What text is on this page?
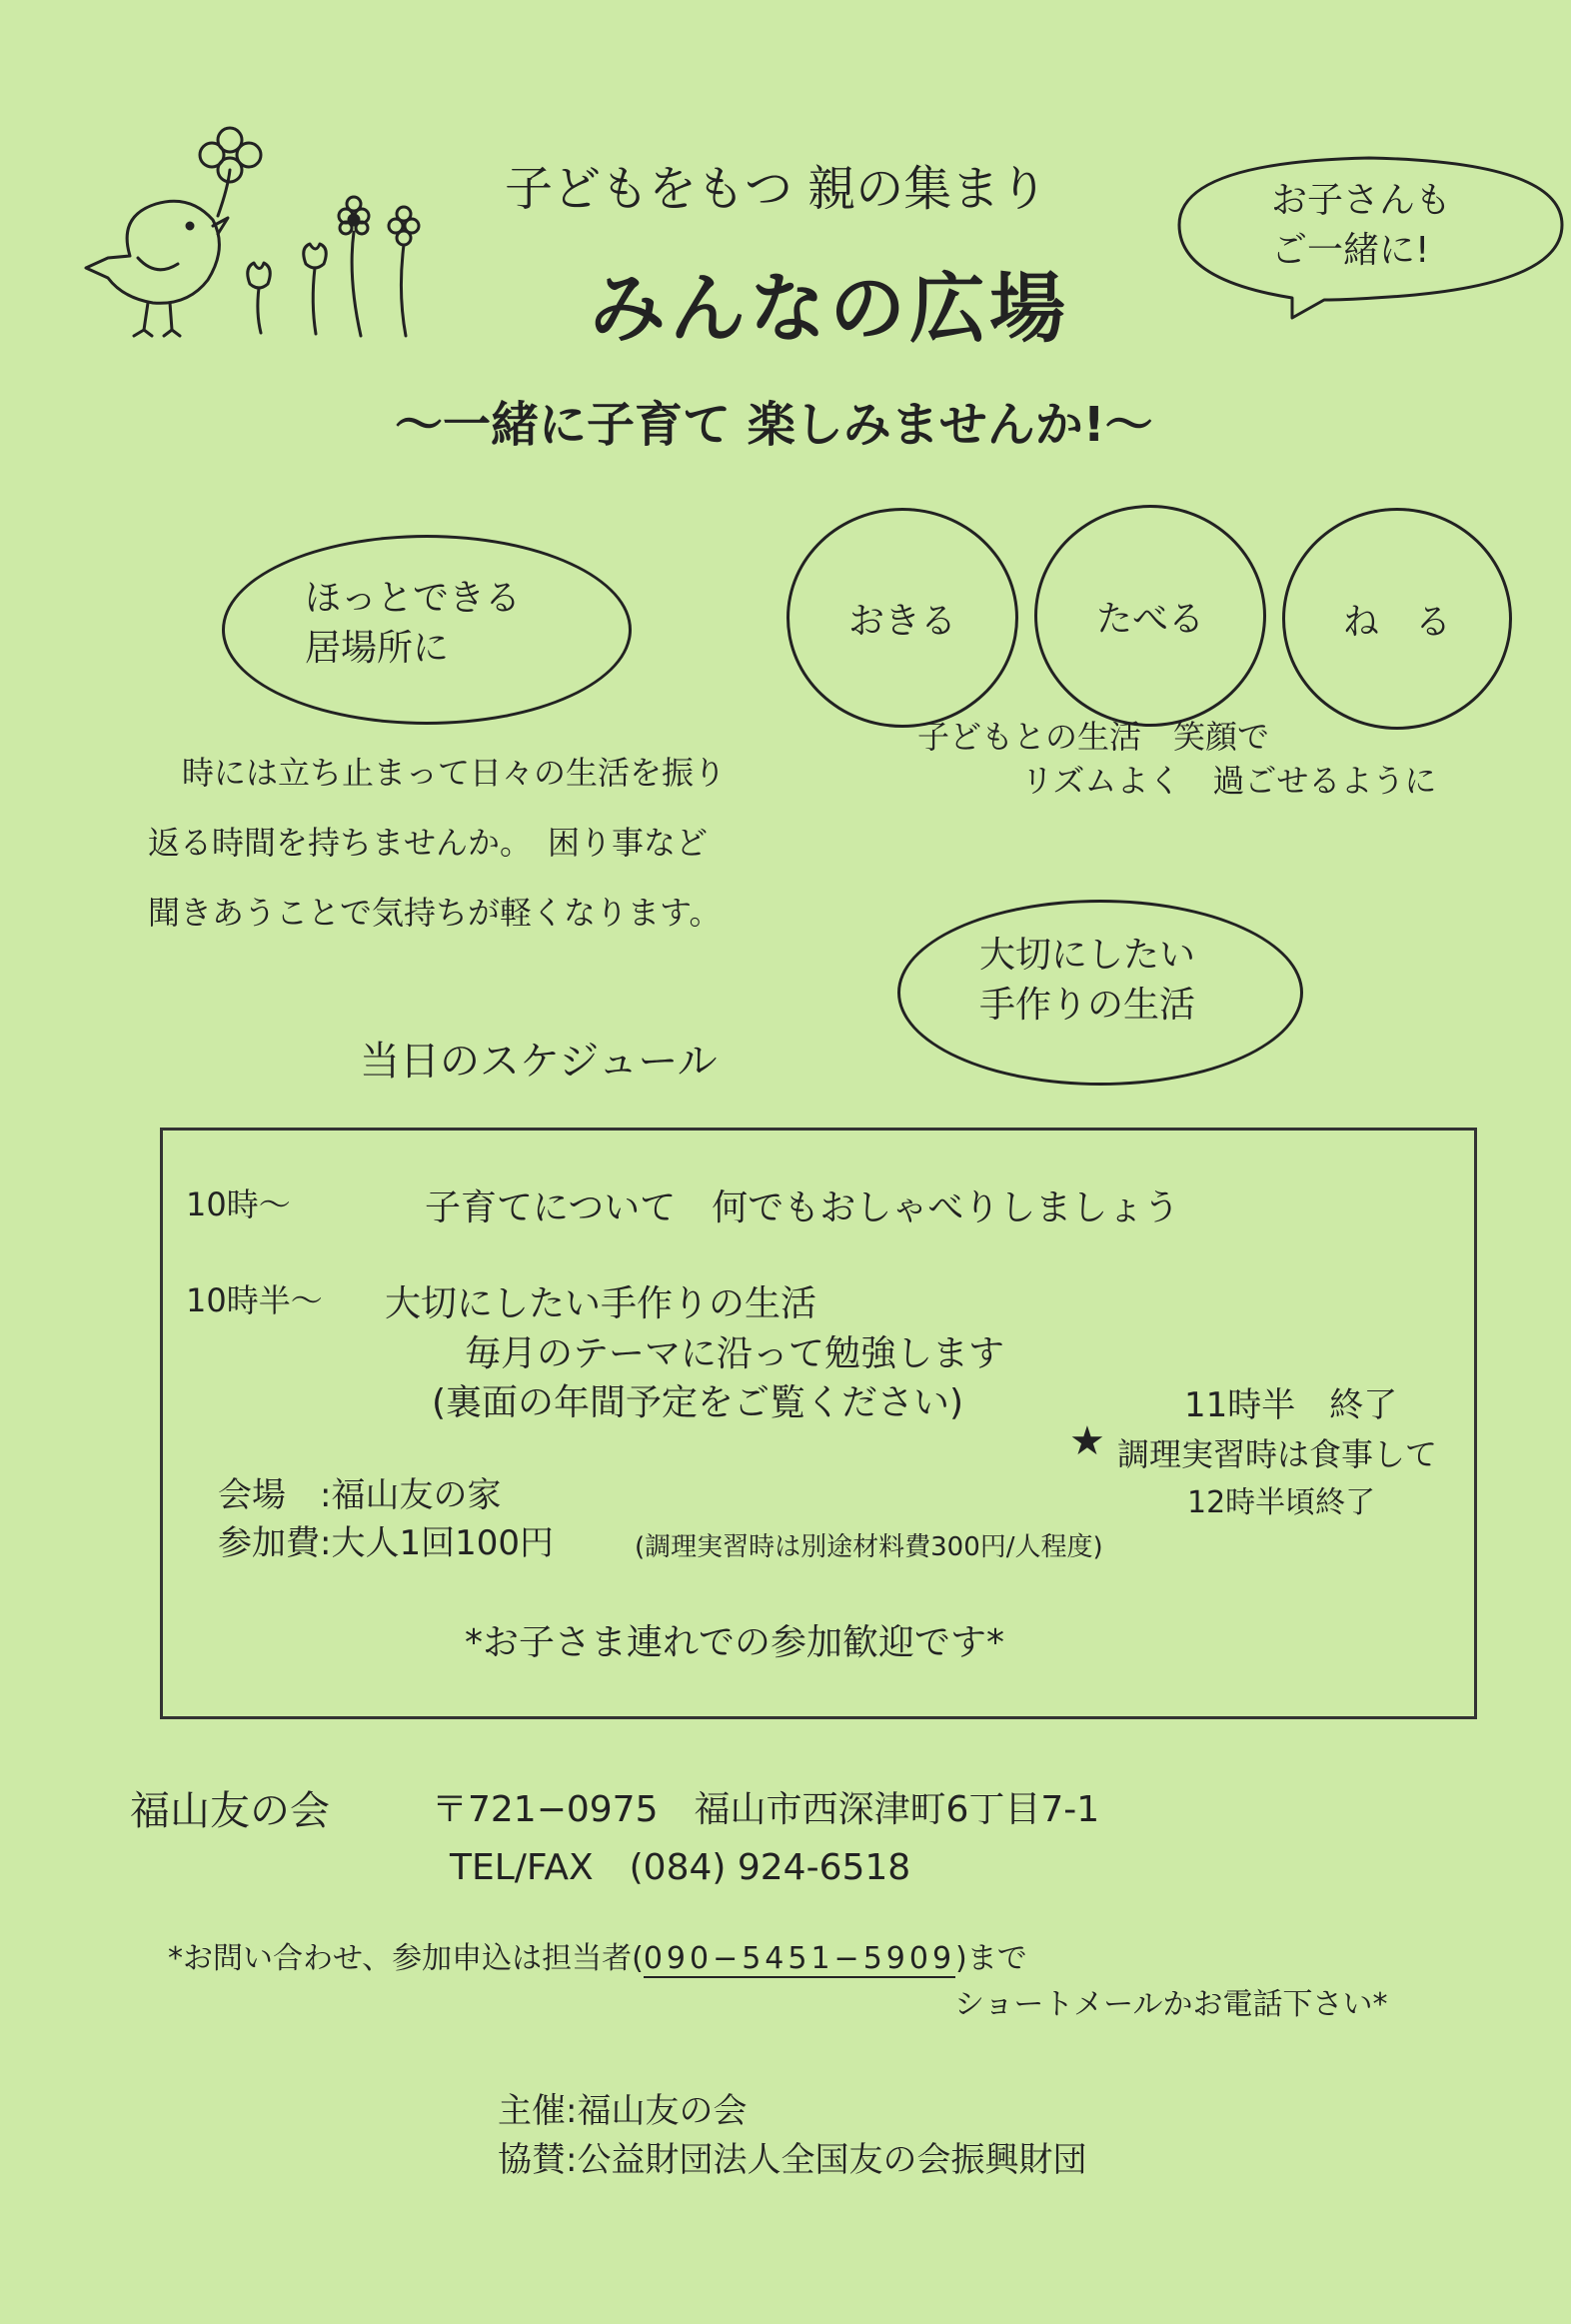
子どもをもつ 親の集まり
みんなの広場
〜一緒に子育て 楽しみませんか!〜
お子さんも
ご一緒に!
ほっとできる
居場所に
おきる	たべる	ね　る
子どもとの生活　笑顔で
リズムよく　過ごせるように
時には立ち止まって日々の生活を振り
返る時間を持ちませんか。　困り事など
聞きあうことで気持ちが軽くなります。
大切にしたい
手作りの生活
当日のスケジュール
10時〜	子育てについて　何でもおしゃべりしましょう
10時半〜 大切にしたい手作りの生活
毎月のテーマに沿って勉強します
(裏面の年間予定をご覧ください)	11時半　終了
★ 調理実習時は食事して
12時半頃終了
会場　:福山友の家
参加費:大人1回100円	(調理実習時は別途材料費300円/人程度)
*お子さま連れでの参加歓迎です*
福山友の会	〒721−0975　福山市西深津町6丁目7-1
TEL/FAX　(084) 924-6518
*お問い合わせ、参加申込は担当者(090−5451−5909)まで
ショートメールかお電話下さい*
主催:福山友の会
協賛:公益財団法人全国友の会振興財団
